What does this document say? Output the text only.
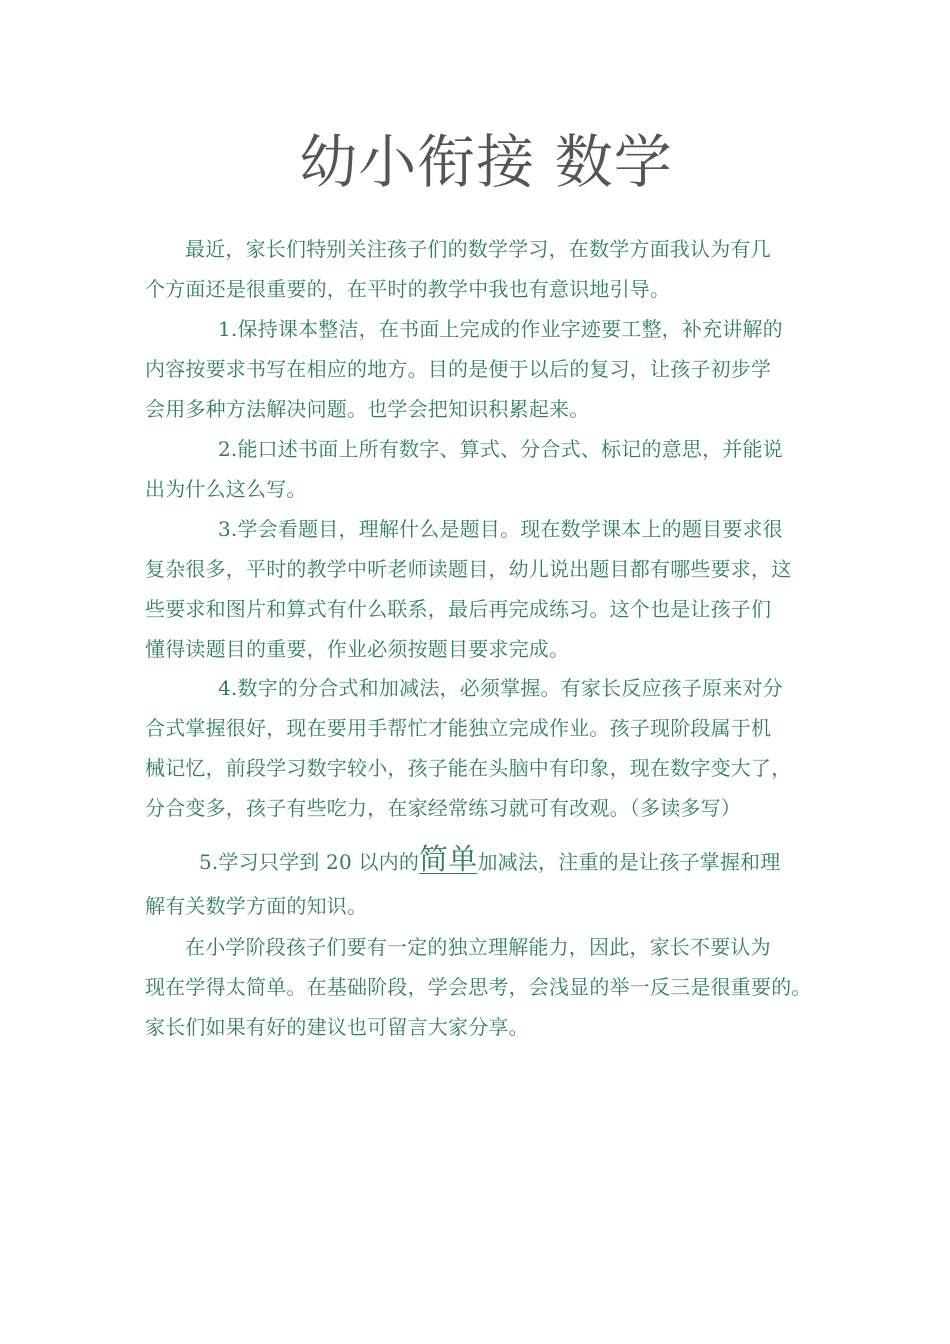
幼小衔接 数学
最近，家长们特别关注孩子们的数学学习，在数学方面我认为有几
个方面还是很重要的，在平时的教学中我也有意识地引导。
1.保持课本整洁，在书面上完成的作业字迹要工整，补充讲解的
内容按要求书写在相应的地方。目的是便于以后的复习，让孩子初步学
会用多种方法解决问题。也学会把知识积累起来。
2.能口述书面上所有数字、算式、分合式、标记的意思，并能说
出为什么这么写。
3.学会看题目，理解什么是题目。现在数学课本上的题目要求很
复杂很多，平时的教学中听老师读题目，幼儿说出题目都有哪些要求，这
些要求和图片和算式有什么联系，最后再完成练习。这个也是让孩子们
懂得读题目的重要，作业必须按题目要求完成。
4.数字的分合式和加减法，必须掌握。有家长反应孩子原来对分
合式掌握很好，现在要用手帮忙才能独立完成作业。孩子现阶段属于机
械记忆，前段学习数字较小，孩子能在头脑中有印象，现在数字变大了，
分合变多，孩子有些吃力，在家经常练习就可有改观。（多读多写）
5.学习只学到 20 以内的简单加减法，注重的是让孩子掌握和理
解有关数学方面的知识。
在小学阶段孩子们要有一定的独立理解能力，因此，家长不要认为
现在学得太简单。在基础阶段，学会思考，会浅显的举一反三是很重要的。
家长们如果有好的建议也可留言大家分享。
